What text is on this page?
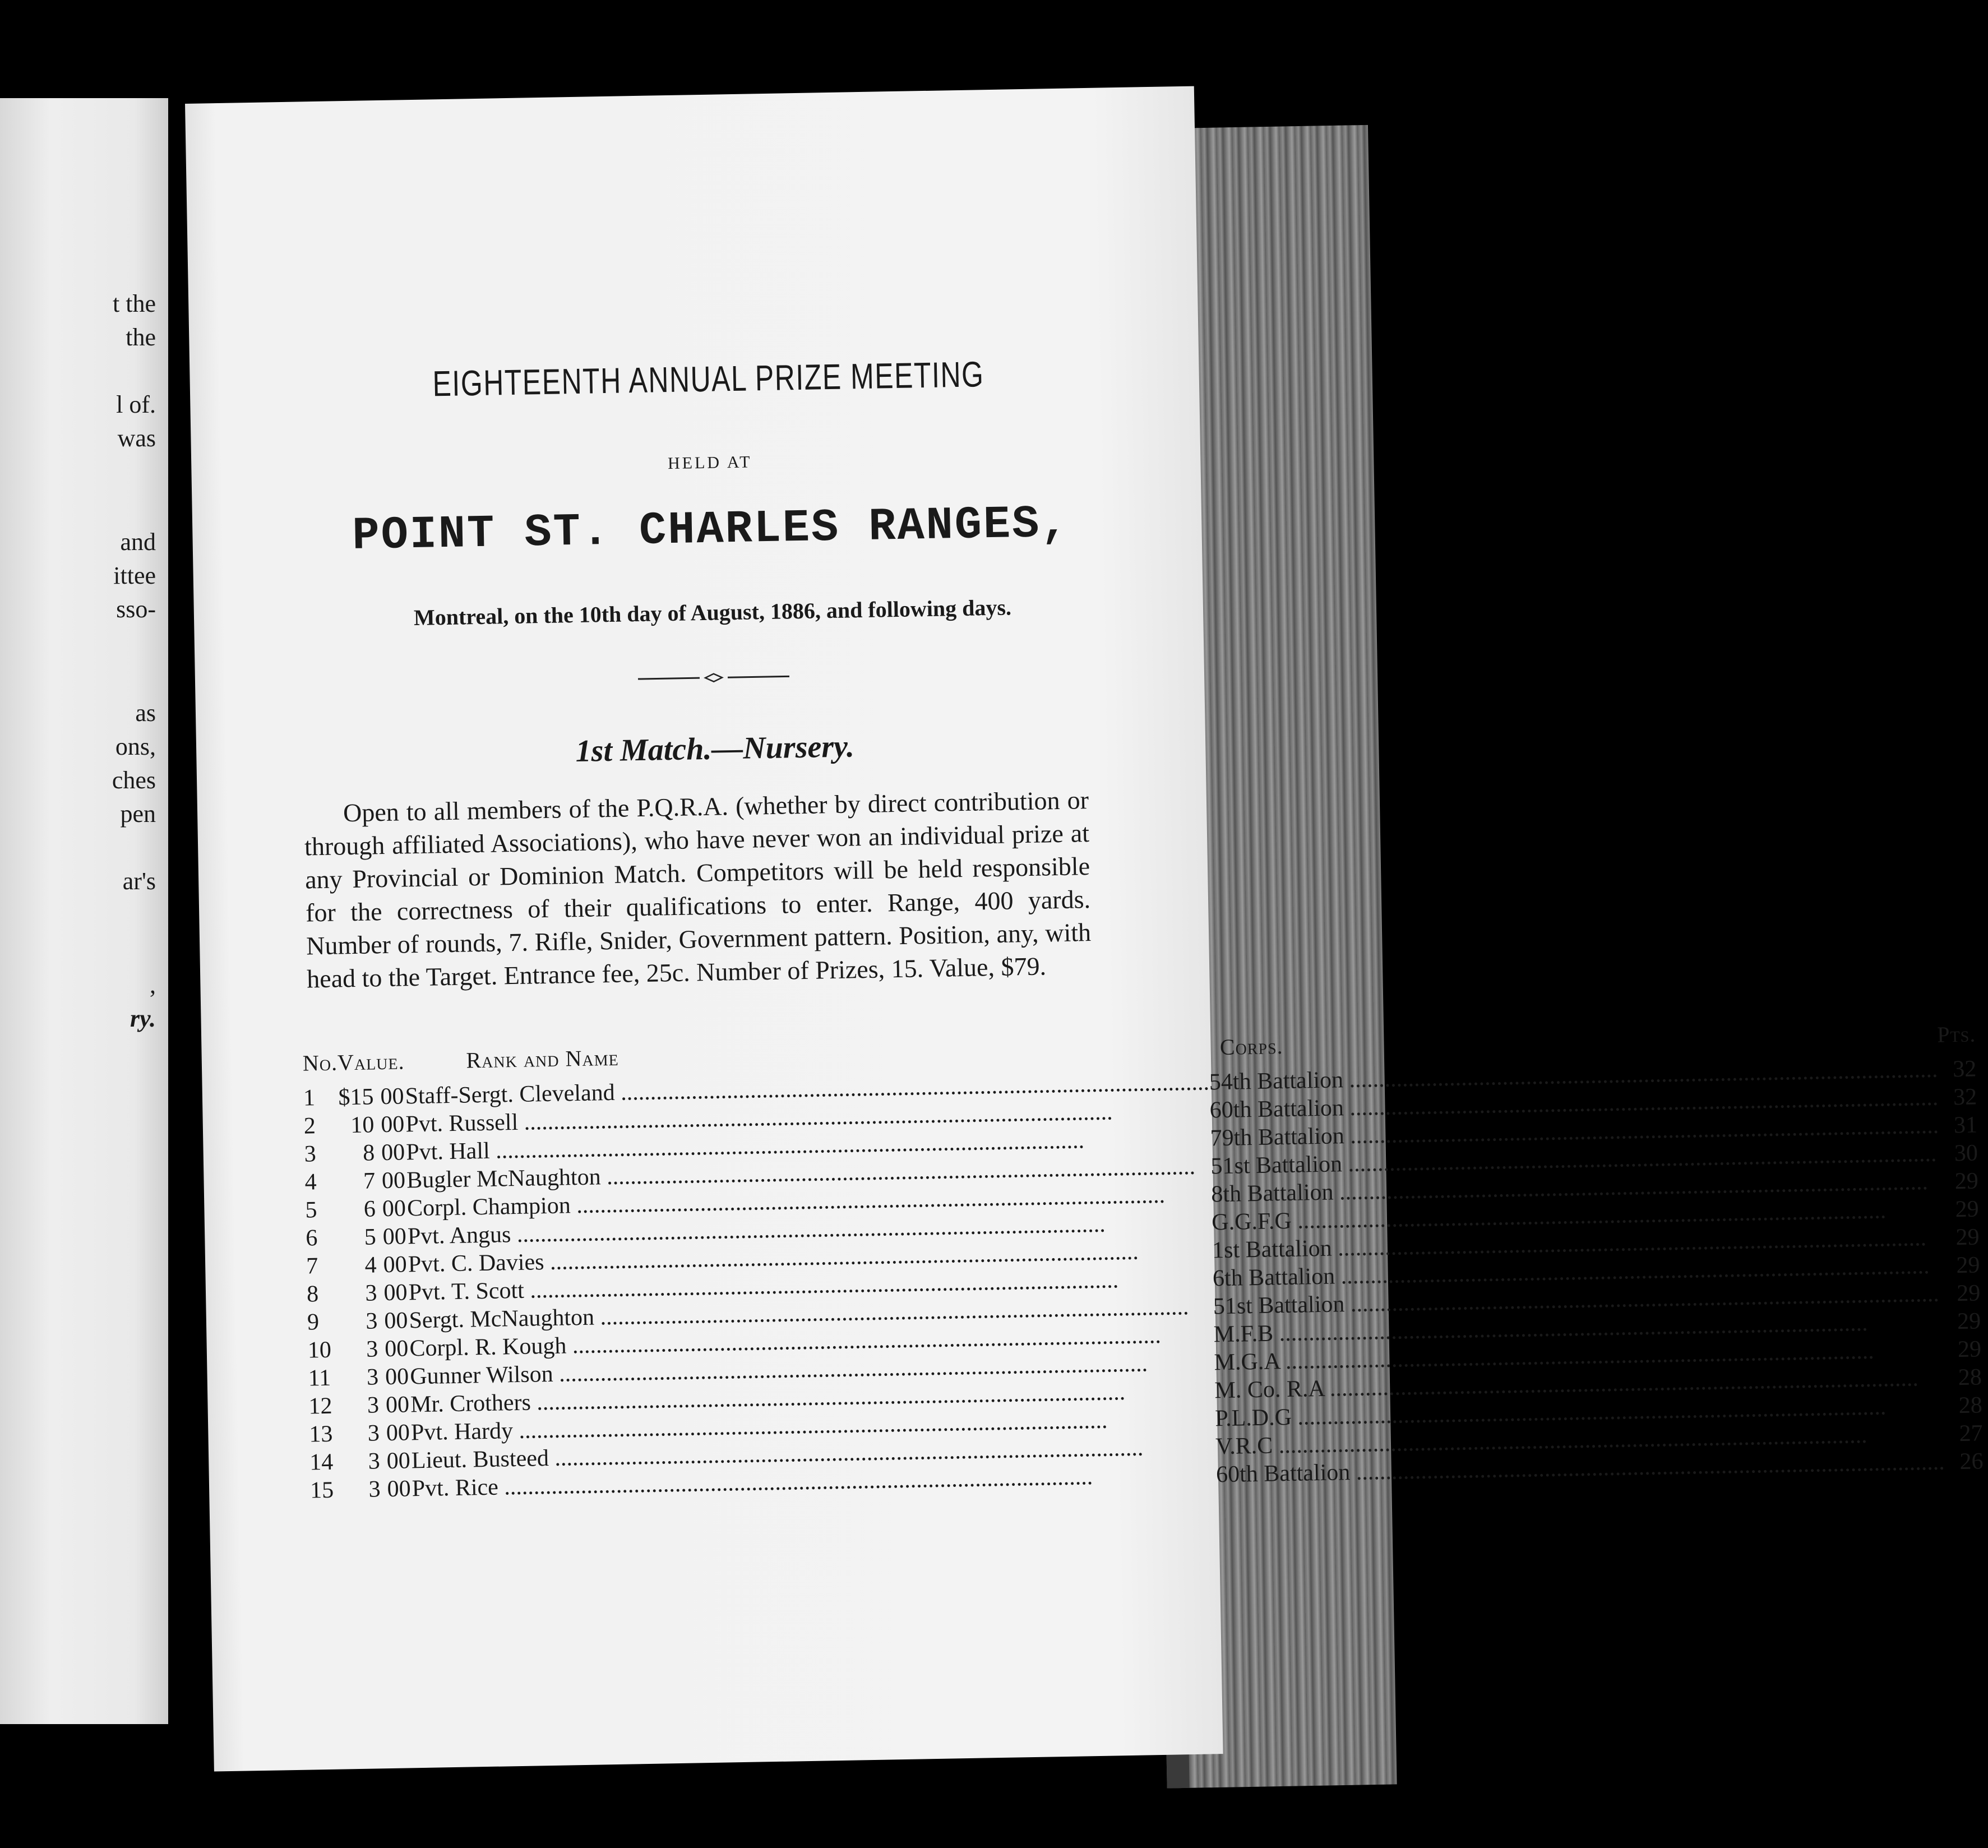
t the
the
l of.
was
and
ittee
sso-
as
ons,
ches
pen
ar's
,
ry.
EIGHTEENTH ANNUAL PRIZE MEETING
HELD AT
POINT ST. CHARLES RANGES,
Montreal, on the 10th day of August, 1886, and following days.
1st Match.—Nursery.
Open to all members of the P.Q.R.A. (whether by direct contribution or through affiliated Associations), who have never won an individual prize at any Provincial or Dominion Match. Competitors will be held responsible for the correctness of their qualifications to enter. Range, 400 yards. Number of rounds, 7. Rifle, Snider, Government pattern. Position, any, with head to the Target. Entrance fee, 25c. Number of Prizes, 15. Value, $79.
No.	Value.		Rank and Name	Corps.	Pts.
1	$15	00	Staff-Sergt. Cleveland .....	54th Battalion .....	32
2	10	00	Pvt. Russell .....	60th Battalion .....	32
3	8	00	Pvt. Hall .....	79th Battalion .....	31
4	7	00	Bugler McNaughton .....	51st Battalion .....	30
5	6	00	Corpl. Champion .....	8th Battalion .....	29
6	5	00	Pvt. Angus .....	G.G.F.G .....	29
7	4	00	Pvt. C. Davies .....	1st Battalion .....	29
8	3	00	Pvt. T. Scott .....	6th Battalion .....	29
9	3	00	Sergt. McNaughton .....	51st Battalion .....	29
10	3	00	Corpl. R. Kough .....	M.F.B .....	29
11	3	00	Gunner Wilson .....	M.G.A .....	29
12	3	00	Mr. Crothers .....	M. Co. R.A .....	28
13	3	00	Pvt. Hardy .....	P.L.D.G .....	28
14	3	00	Lieut. Busteed .....	V.R.C .....	27
15	3	00	Pvt. Rice .....	60th Battalion .....	26
